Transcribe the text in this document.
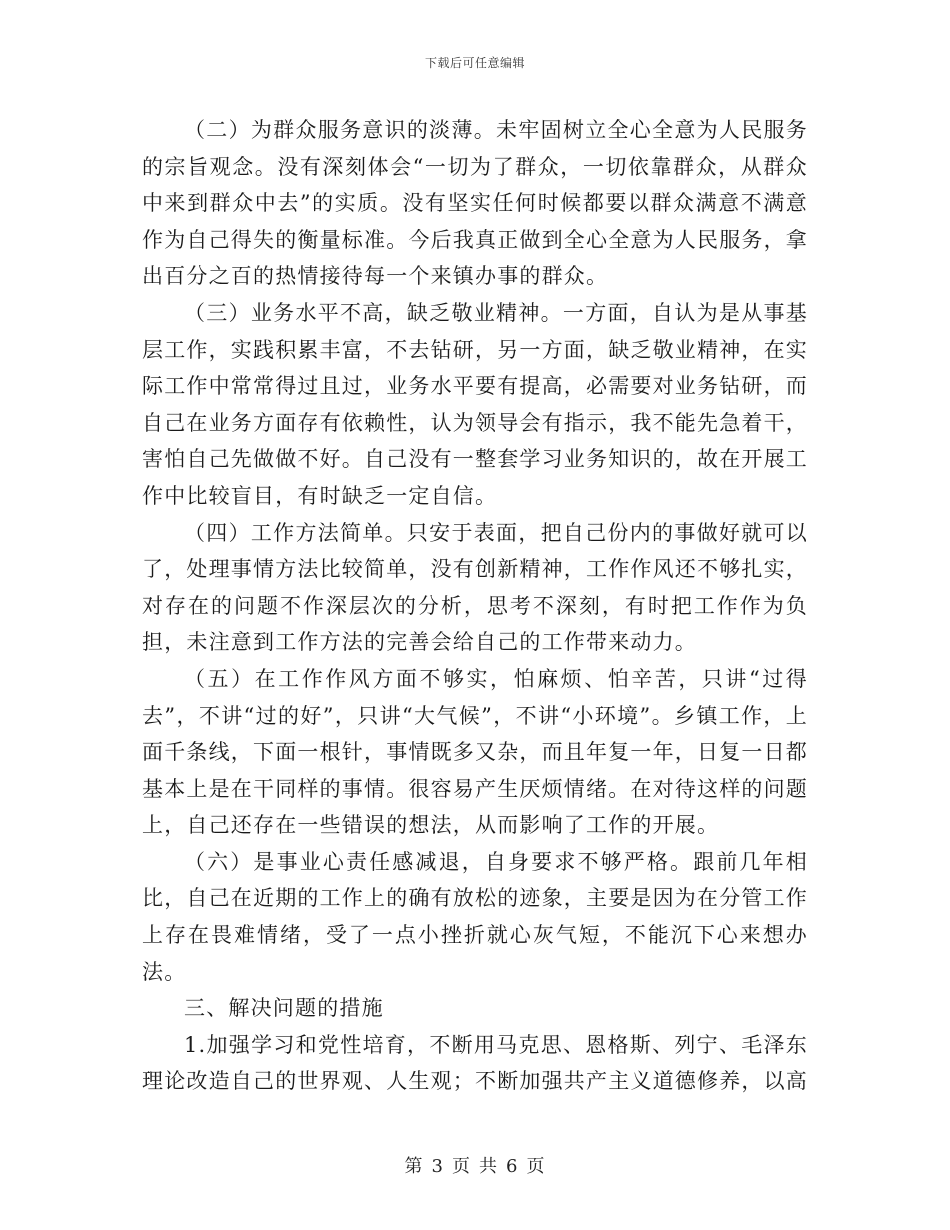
下载后可任意编辑

（二）为群众服务意识的淡薄。未牢固树立全心全意为人民服务的宗旨观念。没有深刻体会“一切为了群众，一切依靠群众，从群众中来到群众中去”的实质。没有坚实任何时候都要以群众满意不满意作为自己得失的衡量标准。今后我真正做到全心全意为人民服务，拿出百分之百的热情接待每一个来镇办事的群众。

（三）业务水平不高，缺乏敬业精神。一方面，自认为是从事基层工作，实践积累丰富，不去钻研，另一方面，缺乏敬业精神，在实际工作中常常得过且过，业务水平要有提高，必需要对业务钻研，而自己在业务方面存有依赖性，认为领导会有指示，我不能先急着干，害怕自己先做做不好。自己没有一整套学习业务知识的，故在开展工作中比较盲目，有时缺乏一定自信。

（四）工作方法简单。只安于表面，把自己份内的事做好就可以了，处理事情方法比较简单，没有创新精神，工作作风还不够扎实，对存在的问题不作深层次的分析，思考不深刻，有时把工作作为负担，未注意到工作方法的完善会给自己的工作带来动力。

（五）在工作作风方面不够实，怕麻烦、怕辛苦，只讲“过得去”，不讲“过的好”，只讲“大气候”，不讲“小环境”。乡镇工作，上面千条线，下面一根针，事情既多又杂，而且年复一年，日复一日都基本上是在干同样的事情。很容易产生厌烦情绪。在对待这样的问题上，自己还存在一些错误的想法，从而影响了工作的开展。

（六）是事业心责任感减退，自身要求不够严格。跟前几年相比，自己在近期的工作上的确有放松的迹象，主要是因为在分管工作上存在畏难情绪，受了一点小挫折就心灰气短，不能沉下心来想办法。

三、解决问题的措施

1.加强学习和党性培育，不断用马克思、恩格斯、列宁、毛泽东理论改造自己的世界观、人生观；不断加强共产主义道德修养，以高

第 3 页 共 6 页
